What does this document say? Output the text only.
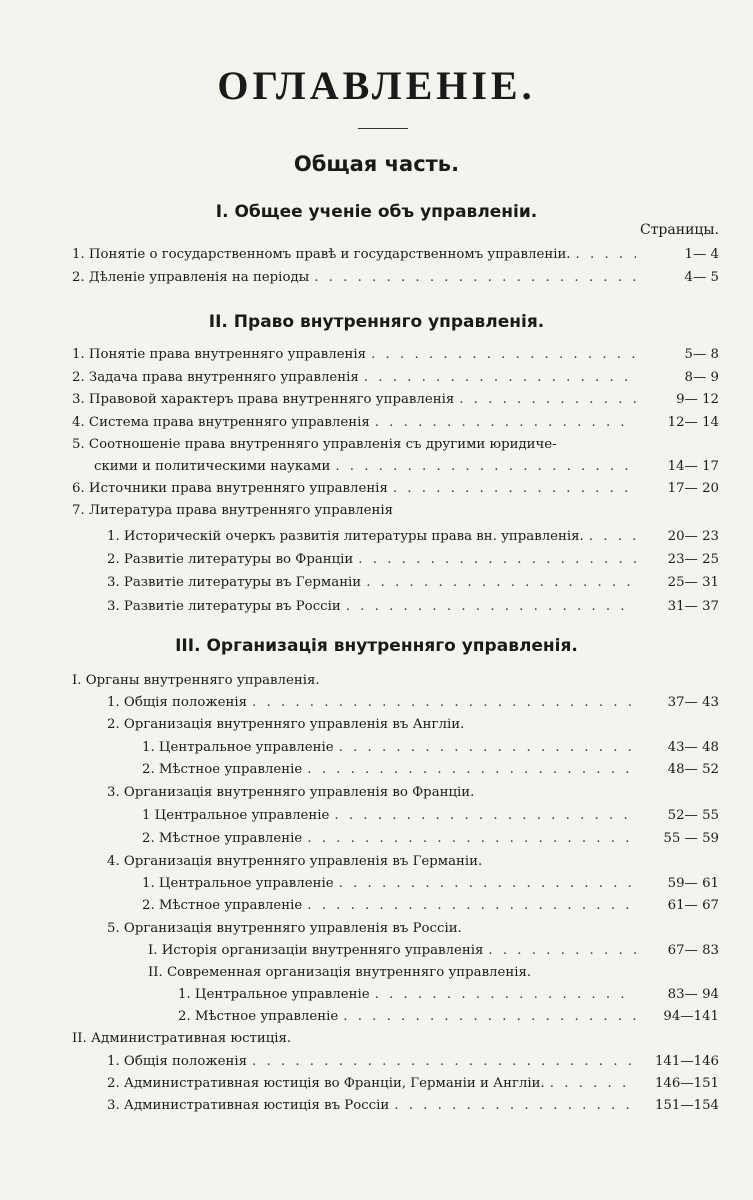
ОГЛАВЛЕНІЕ.
Общая часть.
I. Общее ученіе объ управленіи.
Страницы.
II. Право внутренняго управленія.
III. Организація внутренняго управленія.
1. Понятіе о государственномъ правѣ и государственномъ управленіи. . . .	1— 4
2. Дѣленіе управленія на періоды . . .	4— 5
1. Понятіе права внутренняго управленія . . .	5— 8
2. Задача права внутренняго управленія . . .	8— 9
3. Правовой характеръ права внутренняго управленія . . .	9— 12
4. Система права внутренняго управленія . . .	12— 14
5. Соотношеніе права внутренняго управленія съ другими юридиче-
скими и политическими науками . . .	14— 17
6. Источники права внутренняго управленія . . .	17— 20
7. Литература права внутренняго управленія
1. Историческій очеркъ развитія литературы права вн. управленія. . . .	20— 23
2. Развитіе литературы во Франціи . . .	23— 25
3. Развитіе литературы въ Германіи . . .	25— 31
3. Развитіе литературы въ Россіи . . .	31— 37
I. Органы внутренняго управленія.
1. Общія положенія . . .	37— 43
2. Организація внутренняго управленія въ Англіи.
1. Центральное управленіе . . .	43— 48
2. Мѣстное управленіе . . .	48— 52
3. Организація внутренняго управленія во Франціи.
1 Центральное управленіе . . .	52— 55
2. Мѣстное управленіе . . .	55 — 59
4. Организація внутренняго управленія въ Германіи.
1. Центральное управленіе . . .	59— 61
2. Мѣстное управленіе . . .	61— 67
5. Организація внутренняго управленія въ Россіи.
I. Исторія организаціи внутренняго управленія . . .	67— 83
II. Современная организація внутренняго управленія.
1. Центральное управленіе . . .	83— 94
2. Мѣстное управленіе . . .	94—141
II. Административная юстиція.
1. Общія положенія . . .	141—146
2. Административная юстиція во Франціи, Германіи и Англіи. . . .	146—151
3. Административная юстиція въ Россіи . . .	151—154
